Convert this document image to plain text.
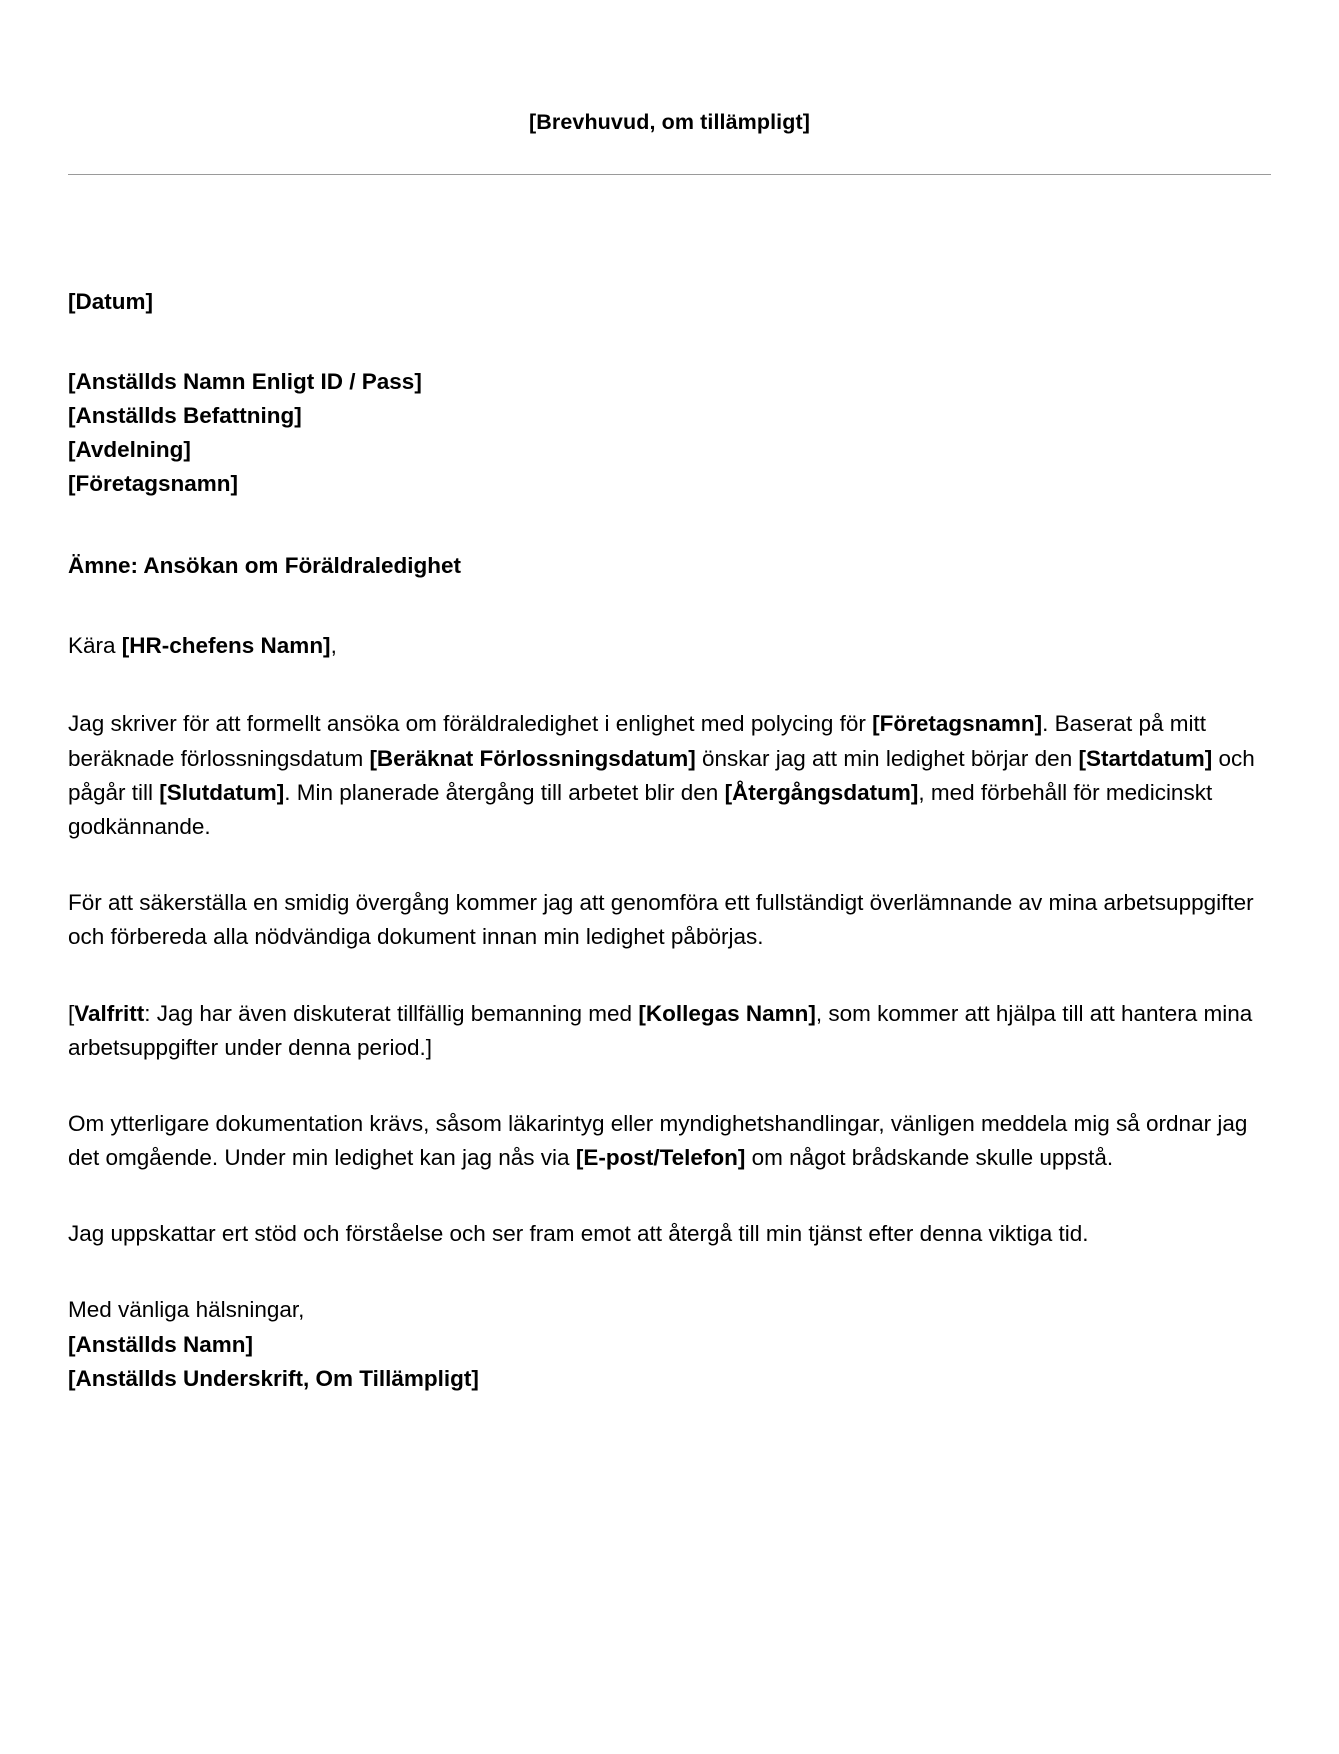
[Brevhuvud, om tillämpligt]
[Datum]
[Anställds Namn Enligt ID / Pass]
[Anställds Befattning]
[Avdelning]
[Företagsnamn]
Ämne: Ansökan om Föräldraledighet
Kära [HR-chefens Namn],

Jag skriver för att formellt ansöka om föräldraledighet i enlighet med polycing för [Företagsnamn]. Baserat på mitt beräknade förlossningsdatum [Beräknat Förlossningsdatum] önskar jag att min ledighet börjar den [Startdatum] och pågår till [Slutdatum]. Min planerade återgång till arbetet blir den [Återgångsdatum], med förbehåll för medicinskt godkännande.

För att säkerställa en smidig övergång kommer jag att genomföra ett fullständigt överlämnande av mina arbetsuppgifter och förbereda alla nödvändiga dokument innan min ledighet påbörjas.

[Valfritt: Jag har även diskuterat tillfällig bemanning med [Kollegas Namn], som kommer att hjälpa till att hantera mina arbetsuppgifter under denna period.]

Om ytterligare dokumentation krävs, såsom läkarintyg eller myndighetshandlingar, vänligen meddela mig så ordnar jag det omgående. Under min ledighet kan jag nås via [E-post/Telefon] om något brådskande skulle uppstå.

Jag uppskattar ert stöd och förståelse och ser fram emot att återgå till min tjänst efter denna viktiga tid.

Med vänliga hälsningar,
[Anställds Namn]
[Anställds Underskrift, Om Tillämpligt]
